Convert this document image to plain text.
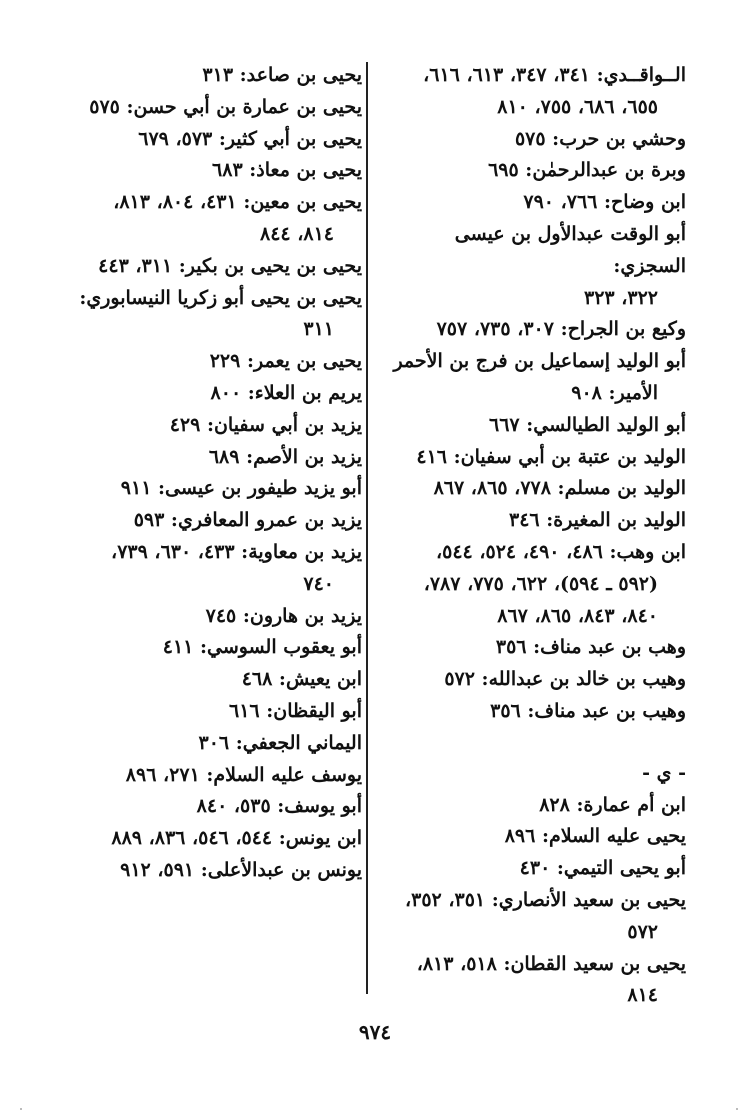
الــواقــدي: ٣٤١، ٣٤٧، ٦١٣، ٦١٦،

٦٥٥، ٦٨٦، ٧٥٥، ٨١٠

وحشي بن حرب: ٥٧٥

وبرة بن عبدالرحمٰن: ٦٩٥

ابن وضاح: ٧٦٦، ٧٩٠

أبو الوقت عبدالأول بن عيسى السجزي:

٣٢٢، ٣٢٣

وكيع بن الجراح: ٣٠٧، ٧٣٥، ٧٥٧

أبو الوليد إسماعيل بن فرج بن الأحمر

الأمير: ٩٠٨

أبو الوليد الطيالسي: ٦٦٧

الوليد بن عتبة بن أبي سفيان: ٤١٦

الوليد بن مسلم: ٧٧٨، ٨٦٥، ٨٦٧

الوليد بن المغيرة: ٣٤٦

ابن وهب: ٤٨٦، ٤٩٠، ٥٢٤، ٥٤٤،

(٥٩٢ ـ ٥٩٤)، ٦٢٢، ٧٧٥، ٧٨٧،

٨٤٠، ٨٤٣، ٨٦٥، ٨٦٧

وهب بن عبد مناف: ٣٥٦

وهيب بن خالد بن عبدالله: ٥٧٢

وهيب بن عبد مناف: ٣٥٦

- ي -

ابن أم عمارة: ٨٢٨

يحيى عليه السلام: ٨٩٦

أبو يحيى التيمي: ٤٣٠

يحيى بن سعيد الأنصاري: ٣٥١، ٣٥٢،

٥٧٢

يحيى بن سعيد القطان: ٥١٨، ٨١٣،

٨١٤

يحيى بن صاعد: ٣١٣

يحيى بن عمارة بن أبي حسن: ٥٧٥

يحيى بن أبي كثير: ٥٧٣، ٦٧٩

يحيى بن معاذ: ٦٨٣

يحيى بن معين: ٤٣١، ٨٠٤، ٨١٣،

٨١٤، ٨٤٤

يحيى بن يحيى بن بكير: ٣١١، ٤٤٣

يحيى بن يحيى أبو زكريا النيسابوري:

٣١١

يحيى بن يعمر: ٢٢٩

يريم بن العلاء: ٨٠٠

يزيد بن أبي سفيان: ٤٢٩

يزيد بن الأصم: ٦٨٩

أبو يزيد طيفور بن عيسى: ٩١١

يزيد بن عمرو المعافري: ٥٩٣

يزيد بن معاوية: ٤٣٣، ٦٣٠، ٧٣٩،

٧٤٠

يزيد بن هارون: ٧٤٥

أبو يعقوب السوسي: ٤١١

ابن يعيش: ٤٦٨

أبو اليقظان: ٦١٦

اليماني الجعفي: ٣٠٦

يوسف عليه السلام: ٢٧١، ٨٩٦

أبو يوسف: ٥٣٥، ٨٤٠

ابن يونس: ٥٤٤، ٥٤٦، ٨٣٦، ٨٨٩

يونس بن عبدالأعلى: ٥٩١، ٩١٢

٩٧٤
